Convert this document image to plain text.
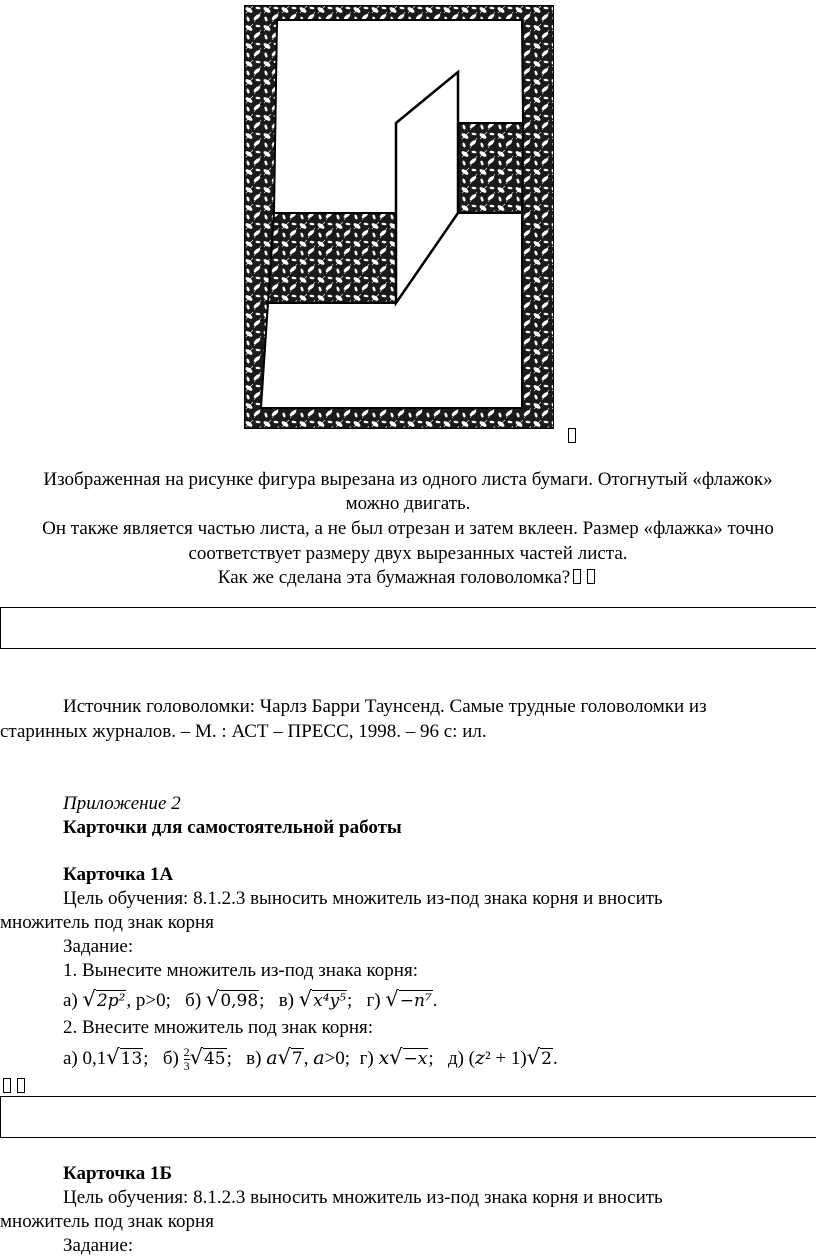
Изображенная на рисунке фигура вырезана из одного листа бумаги. Отогнутый «флажок»
можно двигать.
Он также является частью листа, а не был отрезан и затем вклеен. Размер «флажка» точно
соответствует размеру двух вырезанных частей листа.
Как же сделана эта бумажная головоломка?
Источник головоломки: Чарлз Барри Таунсенд. Самые трудные головоломки из
старинных журналов. – М. : АСТ – ПРЕСС, 1998. – 96 с: ил.
Приложение 2
Карточки для самостоятельной работы
Карточка 1А
Цель обучения: 8.1.2.3 выносить множитель из-под знака корня и вносить
множитель под знак корня
Задание:
1. Вынесите множитель из-под знака корня:
а) √2𝑝², p>0; б) √0,98; в) √𝑥⁴𝑦⁵; г) √−𝑛⁷.
2. Внесите множитель под знак корня:
а) 0,1√13; $б) \frac{2}{3} √45$; в) 𝑎√7, 𝑎>0; г) 𝑥√−𝑥; д) (𝑧² + 1)√2.
Карточка 1Б
Цель обучения: 8.1.2.3 выносить множитель из-под знака корня и вносить
множитель под знак корня
Задание:
